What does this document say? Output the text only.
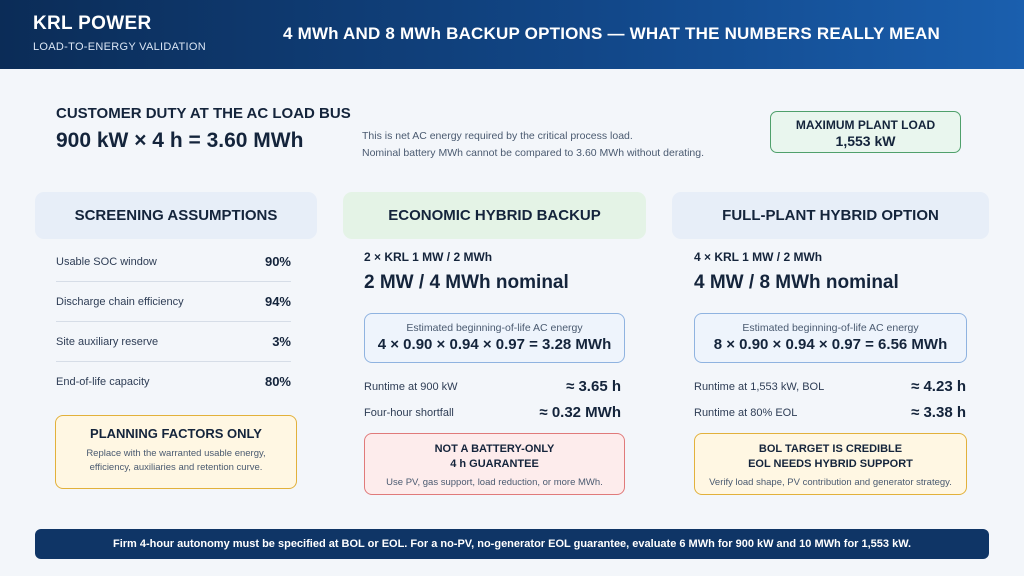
KRL POWER
LOAD-TO-ENERGY VALIDATION
4 MWh AND 8 MWh BACKUP OPTIONS — WHAT THE NUMBERS REALLY MEAN
CUSTOMER DUTY AT THE AC LOAD BUS
900 kW × 4 h = 3.60 MWh	This is net AC energy required by the critical process load.
Nominal battery MWh cannot be compared to 3.60 MWh without derating.
MAXIMUM PLANT LOAD
1,553 kW
SCREENING ASSUMPTIONS
Usable SOC window	90%
Discharge chain efficiency	94%
Site auxiliary reserve	3%
End-of-life capacity	80%
PLANNING FACTORS ONLY
Replace with the warranted usable energy,
efficiency, auxiliaries and retention curve.
ECONOMIC HYBRID BACKUP
2 × KRL 1 MW / 2 MWh
2 MW / 4 MWh nominal
Estimated beginning-of-life AC energy
4 × 0.90 × 0.94 × 0.97 = 3.28 MWh
Runtime at 900 kW	≈ 3.65 h
Four-hour shortfall	≈ 0.32 MWh
NOT A BATTERY-ONLY
4 h GUARANTEE
Use PV, gas support, load reduction, or more MWh.
FULL-PLANT HYBRID OPTION
4 × KRL 1 MW / 2 MWh
4 MW / 8 MWh nominal
Estimated beginning-of-life AC energy
8 × 0.90 × 0.94 × 0.97 = 6.56 MWh
Runtime at 1,553 kW, BOL	≈ 4.23 h
Runtime at 80% EOL	≈ 3.38 h
BOL TARGET IS CREDIBLE
EOL NEEDS HYBRID SUPPORT
Verify load shape, PV contribution and generator strategy.
Firm 4-hour autonomy must be specified at BOL or EOL. For a no-PV, no-generator EOL guarantee, evaluate 6 MWh for 900 kW and 10 MWh for 1,553 kW.
